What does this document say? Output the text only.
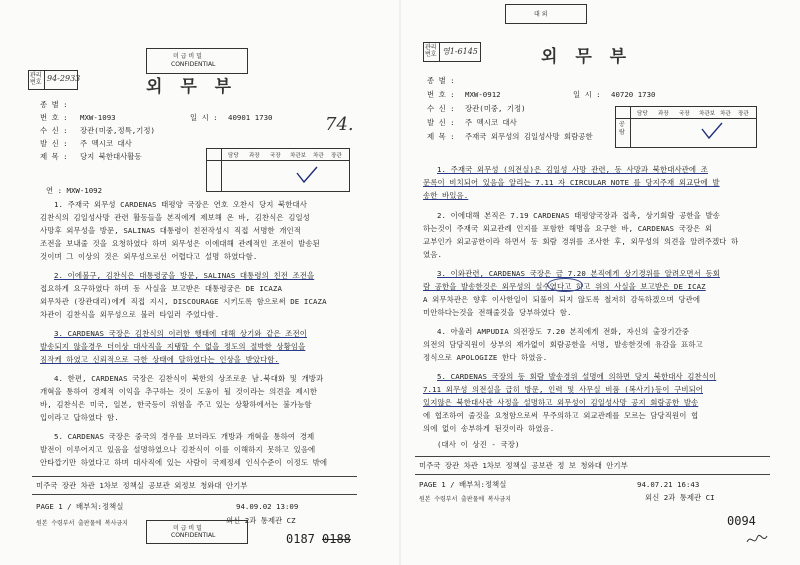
관리
번호 94-2933
미 급 비 밀
CONFIDENTIAL
외 무 부
종 별 :
번 호 : MXW-1093	일 시 : 40901 1730
수 신 : 장관(미중,정특,기정)
발 신 : 주 멕시코 대사
제 목 : 당지 북한대사활동
74.
담당 과장 국장 차관보 차관 장관
연 : MXW-1092
1. 주재국 외무성 CARDENAS 태평양 국장은 연호 오찬시 당지 북한대사
김찬식의 김일성사망 관련 활동들을 본직에게 제보해 온 바, 김찬식은 김일성
사망후 외무성을 방문, SALINAS 대통령이 친전작성시 직접 서명한 개인적
조전을 보내줄 것을 요청하였다 하며 외무성은 이에대해 관례적인 조전이 발송된
것이며 그 이상의 것은 외무성으로선 어렵다고 설명 하였다함.
2. 이에불구, 김찬식은 대통령궁을 방문, SALINAS 대통령의 친전 조전을
접요하게 요구하였다 하며 동 사실을 보고받은 대통령궁은 DE ICAZA
외무차관 (장관대리)에게 직접 지시, DISCOURAGE 시키도록 함으로써 DE ICAZA
차관이 김찬식을 외무성으로 불러 타일러 주었다함.
3. CARDENAS 국장은 김찬식의 이러한 행태에 대해 상기와 같은 조전이
발송되지 않을경우 더이상 대사직을 지탱할 수 없을 정도의 절박한 상황임을
짐작케 하였고 신뢰적으로 극한 상태에 달하였다는 인상을 받았다함.
4. 한편, CARDENAS 국장은 김찬식이 북한의 상조로운 남.북대화 및 개방과
개혁을 통하여 경제적 이익을 추구하는 것이 도움이 될 것이라는 의견을 제시한
바, 김찬식은 미국, 일본, 한국등이 위험을 주고 있는 상황하에서는 불가능함
입이라고 답하였다 함.
5. CARDENAS 국장은 중국의 경우를 보더라도 개방과 개혁을 통하여 경제
발전이 이루어지고 있음을 설명하였으나 김찬식이 이를 이해하지 못하고 있음에
안타깝기만 하였다고 하며 대사직에 있는 사람이 국제정세 인식수준이 이정도 밖에
미주국 장관 차관 1차보 정책실 공보관 외정보 청와대 안기부
PAGE 1 / 배부처:정책실	94.09.02 13:09
외신 2과 통제관 CZ
원본 수령부서 출판물에 복사금지
미 급 비 밀
CONFIDENTIAL	0187 0188
대 외
관리
번호 영1-6145	외 무 부
종 별 :
번 호 : MXW-0912	일 시 : 40720 1730
수 신 : 장관(미중, 기정)
발 신 : 주 멕시코 대사
제 목 : 주재국 외무성의 김일성사망 회람공한
공람
담당 과장 국장 차관보 차관 장관
1. 주재국 외무성 (의전실)은 김일성 사망 관련, 동 사망과 북한대사관에 조
문록이 비치되어 있음을 알리는 7.11 자 CIRCULAR NOTE 를 당지주재 외교단에 발
송한 바있음.
2. 이에대해 본직은 7.19 CARDENAS 태평양국장과 접촉, 상기회람 공한을 발송
하는것이 주재국 외교관례 인지를 포함한 해명을 요구한 바, CARDENAS 국장은 외
교부인가 외교공한이라 하면서 동 회람 경위를 조사한 후, 외무성의 의견을 알려주겠다 하
였음.
3. 이와관련, CARDENAS 국장은 금 7.20 본직에게 상기경위를 알려오면서 동회
람 공한을 발송한것은 외무성의 실수였다고 하고 위의 사실을 보고받은 DE ICAZ
A 외무차관은 향후 이사한일이 되풀이 되지 않도록 철저히 감독하겠으며 당관에
미안하다는것을 전해줄것을 당부하였다 함.
4. 아울러 AMPUDIA 의전장도 7.20 본직에게 전화, 자신의 출장기간중
의전의 담당직원이 상부의 재가없이 회람공한을 서명, 발송한것에 유감을 표하고
정식으로 APOLOGIZE 한다 하였음.
5. CARDENAS 국장의 동 회람 발송경위 설명에 의하면 당지 북한대사 김찬식이
7.11 외무성 의전실을 급히 방문, 인력 및 사무실 비품 (복사기)등이 구비되어
있지않은 북한대사관 사정을 설명하고 외무성이 김일성사망 공지 회람공한 발송
에 협조하여 줄것을 요청함으로써 무주의하고 외교관례를 모르는 담당직원이 협
의에 없이 송부하게 된것이라 하였음.
(대사 이 상진 - 국장)
미주국 장관 차관 1차보 정책실 공보관 정 보 청와대 안기부
PAGE 1 / 배부처:정책실	94.07.21 16:43
외신 2과 통제관 CI
원본 수령부서 출판물에 복사금지
0094
